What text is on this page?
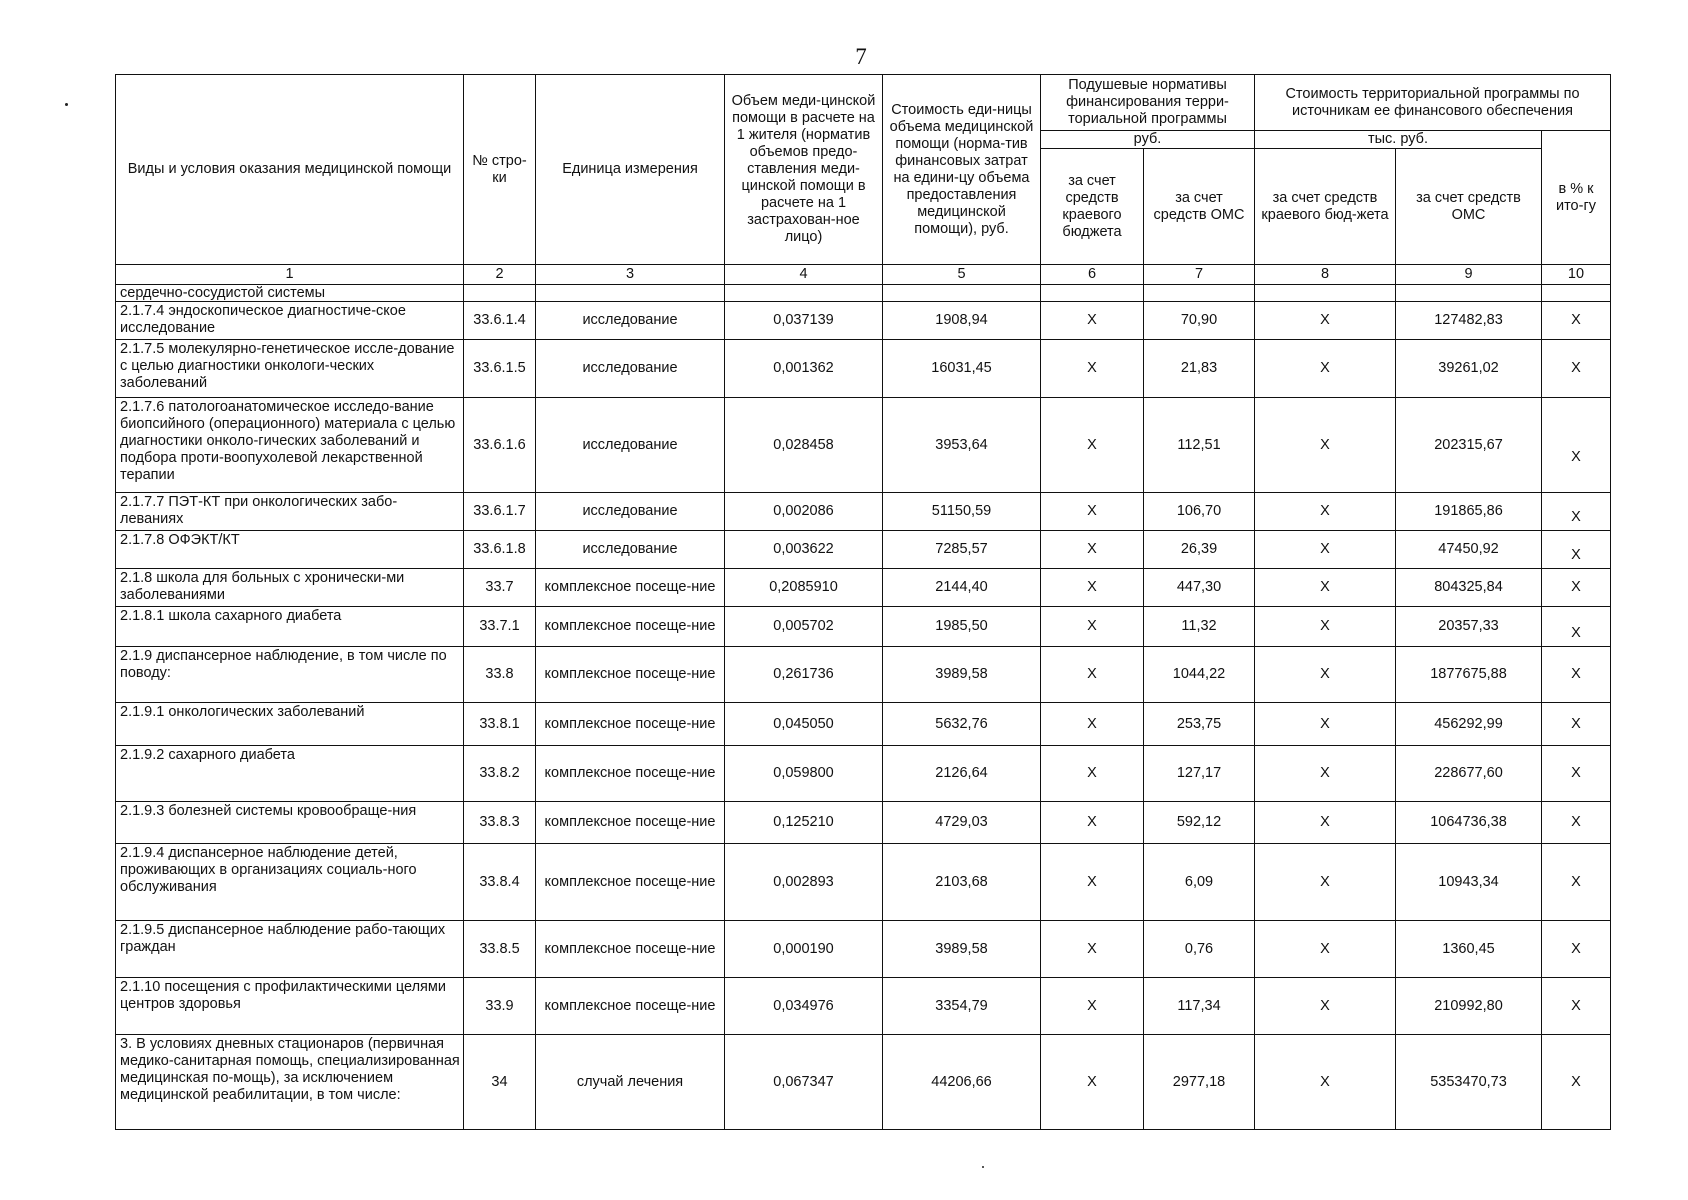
7
Виды и условия оказания медицинской помощи	№ стро-ки	Единица измерения	Объем меди-цинской помощи в расчете на 1 жителя (норматив объемов предо-ставления меди-цинской помощи в расчете на 1 застрахован-ное лицо)	Стоимость еди-ницы объема медицинской помощи (норма-тив финансовых затрат на едини-цу объема предоставления медицинской помощи), руб.	Подушевые нормативы финансирования терри-ториальной программы		Стоимость территориальной программы по источникам ее финансового обеспечения		
					руб.		тыс. руб.		в % к ито-гу
					за счет средств краевого бюджета	за счет средств ОМС	за счет средств краевого бюд-жета	за счет средств ОМС	
1	2	3	4	5	6	7	8	9	10
сердечно-сосудистой системы									
2.1.7.4 эндоскопическое диагностиче-ское исследование	33.6.1.4	исследование	0,037139	1908,94	X	70,90	X	127482,83	X
2.1.7.5 молекулярно-генетическое иссле-дование с целью диагностики онкологи-ческих заболеваний	33.6.1.5	исследование	0,001362	16031,45	X	21,83	X	39261,02	X
2.1.7.6 патологоанатомическое исследо-вание биопсийного (операционного) материала с целью диагностики онколо-гических заболеваний и подбора проти-воопухолевой лекарственной терапии	33.6.1.6	исследование	0,028458	3953,64	X	112,51	X	202315,67	X
2.1.7.7 ПЭТ-КТ при онкологических забо-леваниях	33.6.1.7	исследование	0,002086	51150,59	X	106,70	X	191865,86	X
2.1.7.8 ОФЭКТ/КТ	33.6.1.8	исследование	0,003622	7285,57	X	26,39	X	47450,92	X
2.1.8 школа для больных с хронически-ми заболеваниями	33.7	комплексное посеще-ние	0,2085910	2144,40	X	447,30	X	804325,84	X
2.1.8.1 школа сахарного диабета	33.7.1	комплексное посеще-ние	0,005702	1985,50	X	11,32	X	20357,33	X
2.1.9 диспансерное наблюдение, в том числе по поводу:	33.8	комплексное посеще-ние	0,261736	3989,58	X	1044,22	X	1877675,88	X
2.1.9.1 онкологических заболеваний	33.8.1	комплексное посеще-ние	0,045050	5632,76	X	253,75	X	456292,99	X
2.1.9.2 сахарного диабета	33.8.2	комплексное посеще-ние	0,059800	2126,64	X	127,17	X	228677,60	X
2.1.9.3 болезней системы кровообраще-ния	33.8.3	комплексное посеще-ние	0,125210	4729,03	X	592,12	X	1064736,38	X
2.1.9.4 диспансерное наблюдение детей, проживающих в организациях социаль-ного обслуживания	33.8.4	комплексное посеще-ние	0,002893	2103,68	X	6,09	X	10943,34	X
2.1.9.5 диспансерное наблюдение рабо-тающих граждан	33.8.5	комплексное посеще-ние	0,000190	3989,58	X	0,76	X	1360,45	X
2.1.10 посещения с профилактическими целями центров здоровья	33.9	комплексное посеще-ние	0,034976	3354,79	X	117,34	X	210992,80	X
3. В условиях дневных стационаров (первичная медико-санитарная помощь, специализированная медицинская по-мощь), за исключением медицинской реабилитации, в том числе:	34	случай лечения	0,067347	44206,66	X	2977,18	X	5353470,73	X
